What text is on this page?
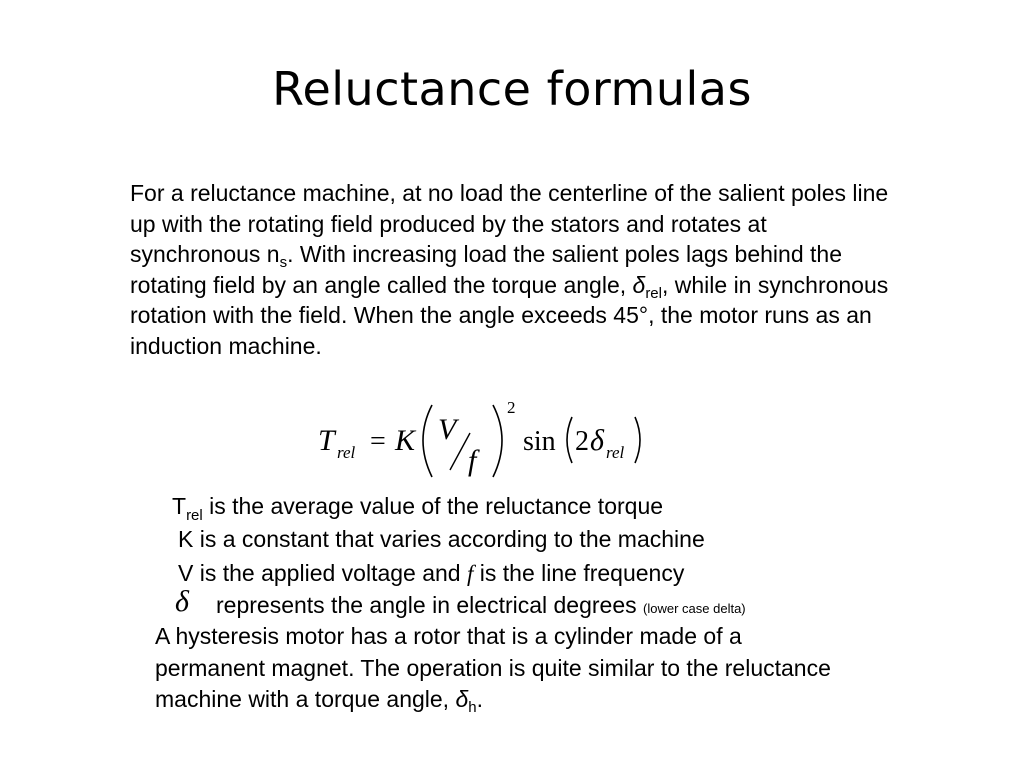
Reluctance formulas
For a reluctance machine, at no load the centerline of the salient poles line up with the rotating field produced by the stators and rotates at synchronous $n_s$. With increasing load the salient poles lags behind the rotating field by an angle called the torque angle, $\delta_{rel}$, while in synchronous rotation with the field. When the angle exceeds 45°, the motor runs as an induction machine.
T rel = K V
f
2
sin 2 δ rel
$T_{rel}$ is the average value of the reluctance torque
K is a constant that varies according to the machine
V is the applied voltage and f is the line frequency
δ represents the angle in electrical degrees (lower case delta)
A hysteresis motor has a rotor that is a cylinder made of a permanent magnet. The operation is quite similar to the reluctance machine with a torque angle, $\delta_h$.
